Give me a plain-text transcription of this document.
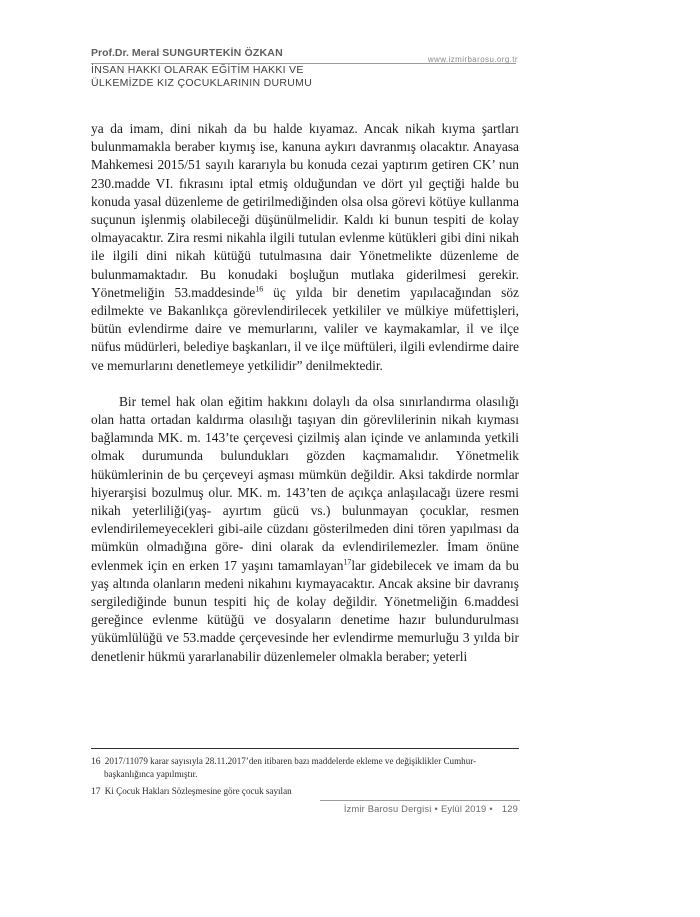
Prof.Dr. Meral SUNGURTEKİN ÖZKAN
İNSAN HAKKI OLARAK EĞİTİM HAKKI VE
ÜLKEMİZDE KIZ ÇOCUKLARININ DURUMU
www.izmirbarosu.org.tr

ya da imam, dini nikah da bu halde kıyamaz. Ancak nikah kıyma şartları bulunmamakla beraber kıymış ise, kanuna aykırı davranmış olacaktır. Anayasa Mahkemesi 2015/51 sayılı kararıyla bu konuda cezai yaptırım getiren CK’ nun 230.madde VI. fıkrasını iptal etmiş olduğundan ve dört yıl geçtiği halde bu konuda yasal düzenleme de getirilmediğinden olsa olsa görevi kötüye kullanma suçunun işlenmiş olabileceği düşünülmelidir. Kaldı ki bunun tespiti de kolay olmayacaktır. Zira resmi nikahla ilgili tutulan evlenme kütükleri gibi dini nikah ile ilgili dini nikah kütüğü tutulmasına dair Yönetmelikte düzenleme de bulunmamaktadır. Bu konudaki boşluğun mutlaka giderilmesi gerekir. Yönetmeliğin 53.maddesinde$^{16}$ üç yılda bir denetim yapılacağından söz edilmekte ve Bakanlıkça görevlendirilecek yetkililer ve mülkiye müfettişleri, bütün evlendirme daire ve memurlarını, valiler ve kaymakamlar, il ve ilçe nüfus müdürleri, belediye başkanları, il ve ilçe müftüleri, ilgili evlendirme daire ve memurlarını denetlemeye yetkilidir” denilmektedir.

Bir temel hak olan eğitim hakkını dolaylı da olsa sınırlandırma olasılığı olan hatta ortadan kaldırma olasılığı taşıyan din görevlilerinin nikah kıyması bağlamında MK. m. 143’te çerçevesi çizilmiş alan içinde ve anlamında yetkili olmak durumunda bulundukları gözden kaçmamalıdır. Yönetmelik hükümlerinin de bu çerçeveyi aşması mümkün değildir. Aksi takdirde normlar hiyerarşisi bozulmuş olur. MK. m. 143’ten de açıkça anlaşılacağı üzere resmi nikah yeterliliği(yaş- ayırtım gücü vs.) bulunmayan çocuklar, resmen evlendirilemeyecekleri gibi-aile cüzdanı gösterilmeden dini tören yapılması da mümkün olmadığına göre- dini olarak da evlendirilemezler. İmam önüne evlenmek için en erken 17 yaşını tamamlayan$^{17}$lar gidebilecek ve imam da bu yaş altında olanların medeni nikahını kıymayacaktır. Ancak aksine bir davranış sergilediğinde bunun tespiti hiç de kolay değildir. Yönetmeliğin 6.maddesi gereğince evlenme kütüğü ve dosyaların denetime hazır bulundurulması yükümlülüğü ve 53.madde çerçevesinde her evlendirme memurluğu 3 yılda bir denetlenir hükmü yararlanabilir düzenlemeler olmakla beraber; yeterli

16 2017/11079 karar sayısıyla 28.11.2017’den itibaren bazı maddelerde ekleme ve değişiklikler Cumhur-
başkanlığınca yapılmıştır.

17 Ki Çocuk Hakları Sözleşmesine göre çocuk sayılan

İzmir Barosu Dergisi • Eylül 2019 • 129
